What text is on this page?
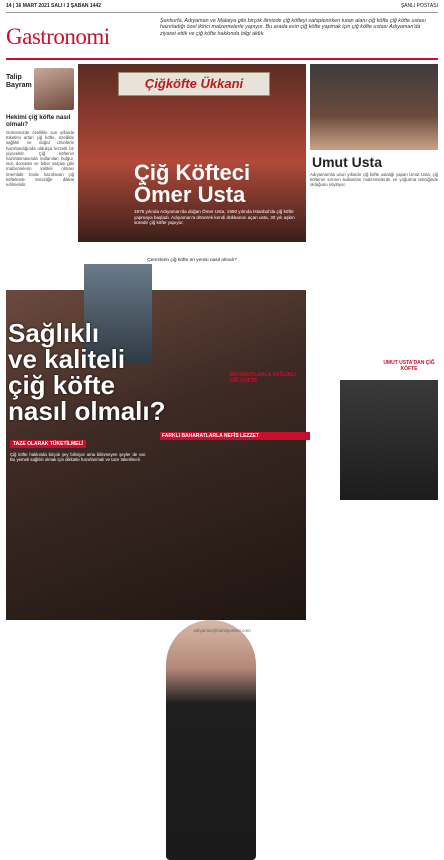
14 | 16 MART 2021 SALI / 3 ŞABAN 1442	ŞANLI POSTASI
Gastronomi
Şanlıurfa, Adıyaman ve Malatya gibi birçok ilimizde çiğ köfteyi sahiplenirken tutan alanı çiğ köfte çiğ köfte ustası hazırladığı özel ikinci malzemelerle yapıyor. Bu arada esin çiğ köfte yapmak için çiğ köfte ustası Adıyaman'da ziyaret ettik ve çiğ köfte hakkında bilgi aldık.
Talip Bayram
Hekimi çiğ köfte nasıl olmalı?
Günümüzde özellikle son yıllarda tüketimi artan çiğ köfte, özellikle sağlıklı ve doğal ürünlerle hazırlandığında oldukça lezzetli bir yiyecektir. Çiğ köftenin hazırlanmasında kullanılan bulgur, isot, domates ve biber salçası gibi malzemelerin kaliteli olması önemlidir. Evde hazırlanan çiğ köftelerde temizliğe dikkat edilmelidir.
Çiğköfte Ükkani
Çiğ Köfteci
Ömer Usta
1976 yılında Adıyaman'da doğan Ömer Usta, 1990 yılında İstanbul'da çiğ köfte yapmaya başladı. Adıyaman'a dönerek kendi dükkanını açan usta, 30 yılı aşkın süredir çiğ köfte yapıyor.
Çerezlerin çiğ köfte en yenisi nasıl olmalı?
Sağlıklı
ve kaliteli
çiğ köfte
nasıl olmalı?
TAZE OLARAK TÜKETİLMELİ
Çiğ köfte hakkında birçok şey biliniyor ama bilinmeyen şeyler de var. Bu yemek sağlıklı olmak için dikkatle hazırlanmalı ve taze tüketilmeli.
BAHARATLARLA SAĞLIKLI ÇİĞ KÖFTE
FARKLI BAHARATLARLA NEFİS LEZZET
Umut Usta
Adıyaman'da uzun yıllardır çiğ köfte ustalığı yapan Umut Usta, çiğ köftenin sırrının kullanılan malzemelerde ve yoğurma tekniğinde olduğunu söylüyor.
UMUT USTA'DAN ÇİĞ KÖFTE
adiyaman@sanlipostasi.com
